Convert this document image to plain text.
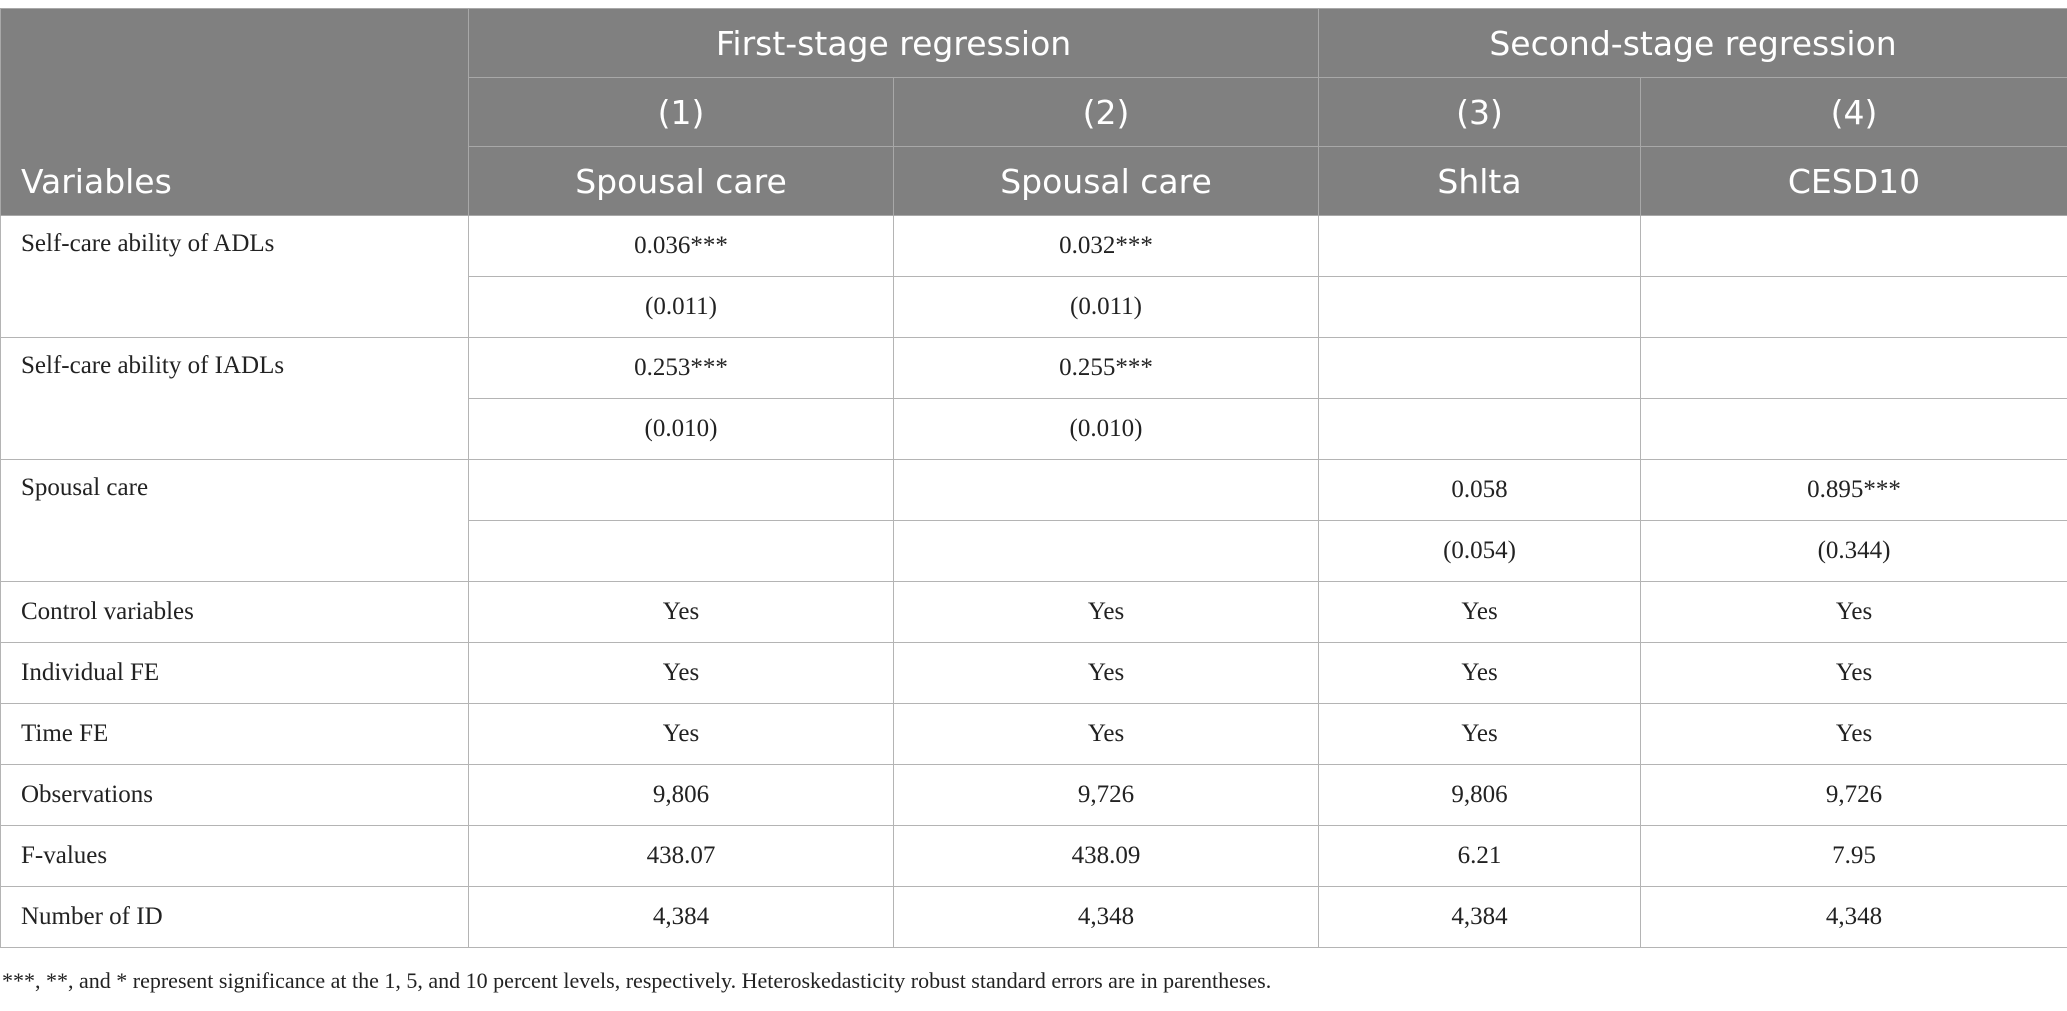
Variables	First-stage regression		Second-stage regression	
	(1)	(2)	(3)	(4)
	Spousal care	Spousal care	Shlta	CESD10
Self-care ability of ADLs	0.036***	0.032***		
	(0.011)	(0.011)		
Self-care ability of IADLs	0.253***	0.255***		
	(0.010)	(0.010)		
Spousal care			0.058	0.895***
			(0.054)	(0.344)
Control variables	Yes	Yes	Yes	Yes
Individual FE	Yes	Yes	Yes	Yes
Time FE	Yes	Yes	Yes	Yes
Observations	9,806	9,726	9,806	9,726
F-values	438.07	438.09	6.21	7.95
Number of ID	4,384	4,348	4,384	4,348
***, **, and * represent significance at the 1, 5, and 10 percent levels, respectively. Heteroskedasticity robust standard errors are in parentheses.
